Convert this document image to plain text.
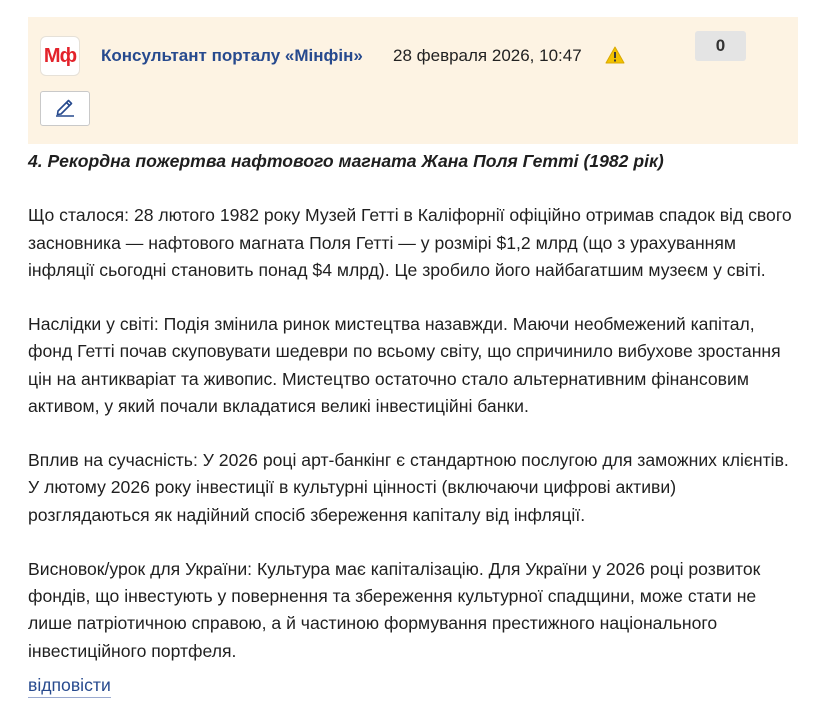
Мф Консультант порталу «Мінфін» 28 февраля 2026, 10:47
0

4. Рекордна пожертва нафтового магната Жана Поля Гетті (1982 рік)

Що сталося: 28 лютого 1982 року Музей Гетті в Каліфорнії офіційно отримав спадок від свого засновника — нафтового магната Поля Гетті — у розмірі $1,2 млрд (що з урахуванням інфляції сьогодні становить понад $4 млрд). Це зробило його найбагатшим музеєм у світі.

Наслідки у світі: Подія змінила ринок мистецтва назавжди. Маючи необмежений капітал, фонд Гетті почав скуповувати шедеври по всьому світу, що спричинило вибухове зростання цін на антикваріат та живопис. Мистецтво остаточно стало альтернативним фінансовим активом, у який почали вкладатися великі інвестиційні банки.

Вплив на сучасність: У 2026 році арт-банкінг є стандартною послугою для заможних клієнтів. У лютому 2026 року інвестиції в культурні цінності (включаючи цифрові активи) розглядаються як надійний спосіб збереження капіталу від інфляції.

Висновок/урок для України: Культура має капіталізацію. Для України у 2026 році розвиток фондів, що інвестують у повернення та збереження культурної спадщини, може стати не лише патріотичною справою, а й частиною формування престижного національного інвестиційного портфеля.

відповісти
